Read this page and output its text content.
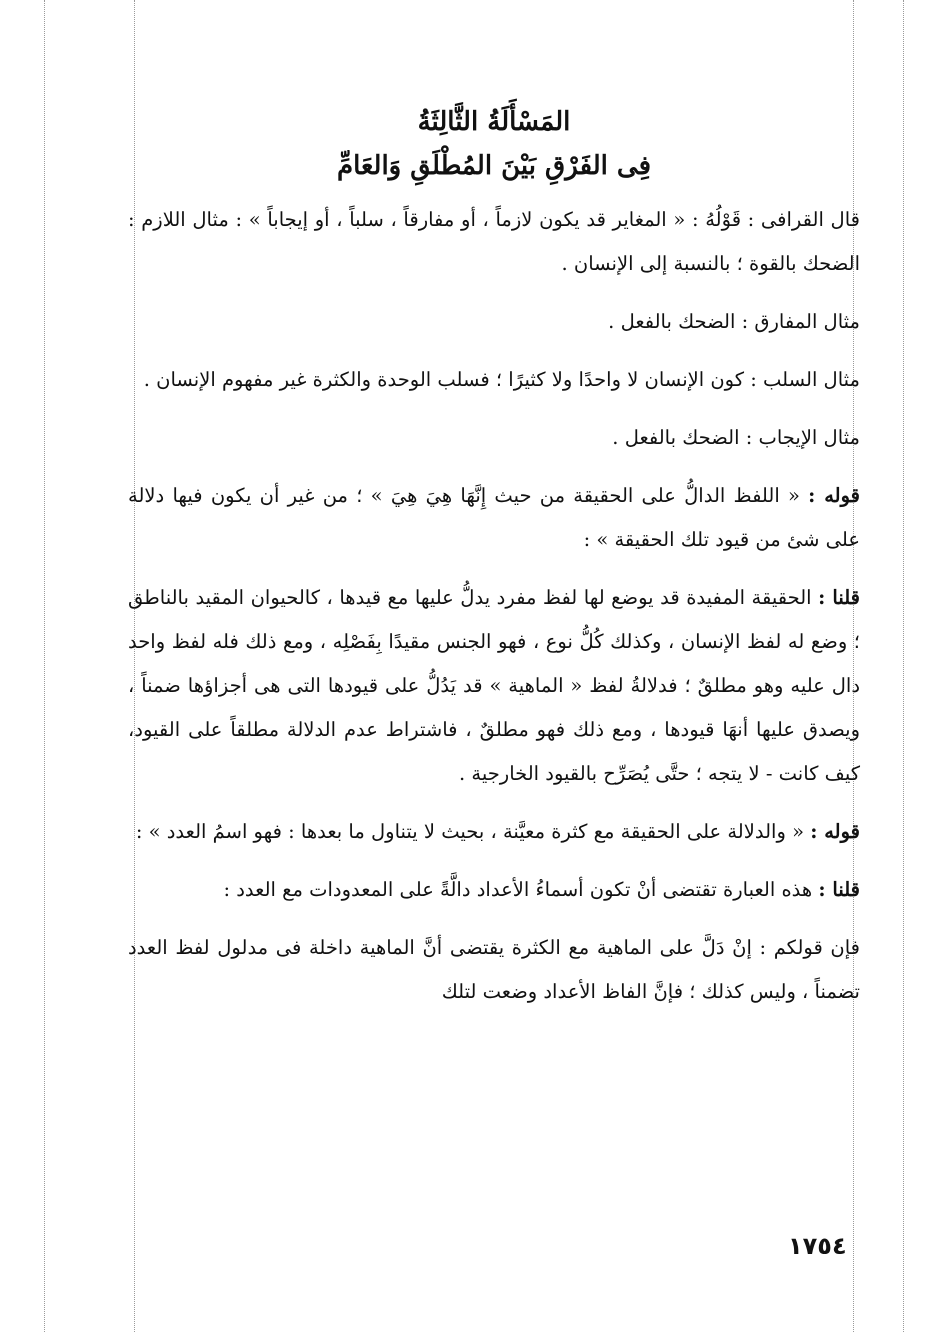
المَسْأَلَةُ الثَّالِثَةُ
فِى الفَرْقِ بَيْنَ المُطْلَقِ وَالعَامِّ

قال القرافى : قَوْلُهُ : « المغاير قد يكون لازماً ، أو مفارقاً ، سلباً ، أو إيجاباً » : مثال اللازم : الضحك بالقوة ؛ بالنسبة إلى الإنسان .

مثال المفارق : الضحك بالفعل .

مثال السلب : كون الإنسان لا واحدًا ولا كثيرًا ؛ فسلب الوحدة والكثرة غير مفهوم الإنسان .

مثال الإيجاب : الضحك بالفعل .

قوله : « اللفظ الدالُّ على الحقيقة من حيث إِنَّهَا هِيَ هِيَ » ؛ من غير أن يكون فيها دلالة على شئ من قيود تلك الحقيقة » :

قلنا : الحقيقة المفيدة قد يوضع لها لفظ مفرد يدلُّ عليها مع قيدها ، كالحيوان المقيد بالناطق ؛ وضع له لفظ الإنسان ، وكذلك كُلُّ نوع ، فهو الجنس مقيدًا بِفَصْلِه ، ومع ذلك فله لفظ واحد دال عليه وهو مطلقٌ ؛ فدلالةُ لفظ « الماهية » قد يَدُلُّ على قيودها التى هى أجزاؤها ضمناً ، ويصدق عليها أنهَا قيودها ، ومع ذلك فهو مطلقٌ ، فاشتراط عدم الدلالة مطلقاً على القيود، كيف كانت - لا يتجه ؛ حتَّى يُصَرِّح بالقيود الخارجية .

قوله : « والدلالة على الحقيقة مع كثرة معيَّنة ، بحيث لا يتناول ما بعدها : فهو اسمُ العدد » :

قلنا : هذه العبارة تقتضى أنْ تكون أسماءُ الأعداد دالَّةً على المعدودات مع العدد :

فإن قولكم : إنْ دَلَّ على الماهية مع الكثرة يقتضى أنَّ الماهية داخلة فى مدلول لفظ العدد تضمناً ، وليس كذلك ؛ فإنَّ الفاظ الأعداد وضعت لتلك

١٧٥٤
